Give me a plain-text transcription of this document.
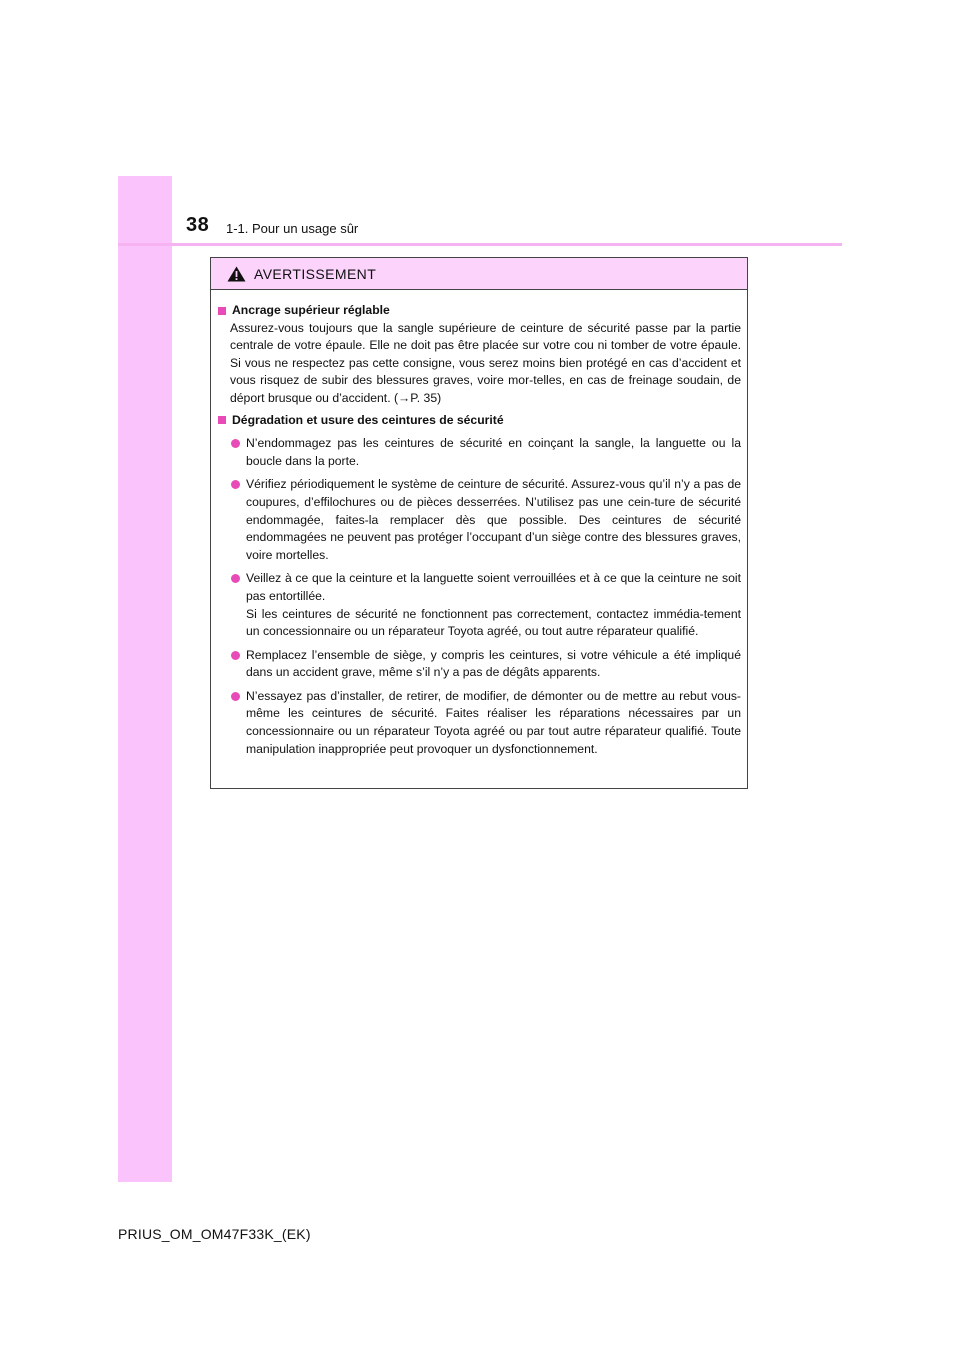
38 1-1. Pour un usage sûr
AVERTISSEMENT
Ancrage supérieur réglable
Assurez-vous toujours que la sangle supérieure de ceinture de sécurité passe par la partie centrale de votre épaule. Elle ne doit pas être placée sur votre cou ni tomber de votre épaule. Si vous ne respectez pas cette consigne, vous serez moins bien protégé en cas d’accident et vous risquez de subir des blessures graves, voire mor-telles, en cas de freinage soudain, de déport brusque ou d’accident. (→P. 35)
Dégradation et usure des ceintures de sécurité

N’endommagez pas les ceintures de sécurité en coinçant la sangle, la languette ou la boucle dans la porte.

Vérifiez périodiquement le système de ceinture de sécurité. Assurez-vous qu’il n’y a pas de coupures, d’effilochures ou de pièces desserrées. N’utilisez pas une cein-ture de sécurité endommagée, faites-la remplacer dès que possible. Des ceintures de sécurité endommagées ne peuvent pas protéger l’occupant d’un siège contre des blessures graves, voire mortelles.

Veillez à ce que la ceinture et la languette soient verrouillées et à ce que la ceinture ne soit pas entortillée.

Si les ceintures de sécurité ne fonctionnent pas correctement, contactez immédia-tement un concessionnaire ou un réparateur Toyota agréé, ou tout autre réparateur qualifié.

Remplacez l’ensemble de siège, y compris les ceintures, si votre véhicule a été impliqué dans un accident grave, même s’il n’y a pas de dégâts apparents.

N’essayez pas d’installer, de retirer, de modifier, de démonter ou de mettre au rebut vous-même les ceintures de sécurité. Faites réaliser les réparations nécessaires par un concessionnaire ou un réparateur Toyota agréé ou par tout autre réparateur qualifié. Toute manipulation inappropriée peut provoquer un dysfonctionnement.

PRIUS_OM_OM47F33K_(EK)
